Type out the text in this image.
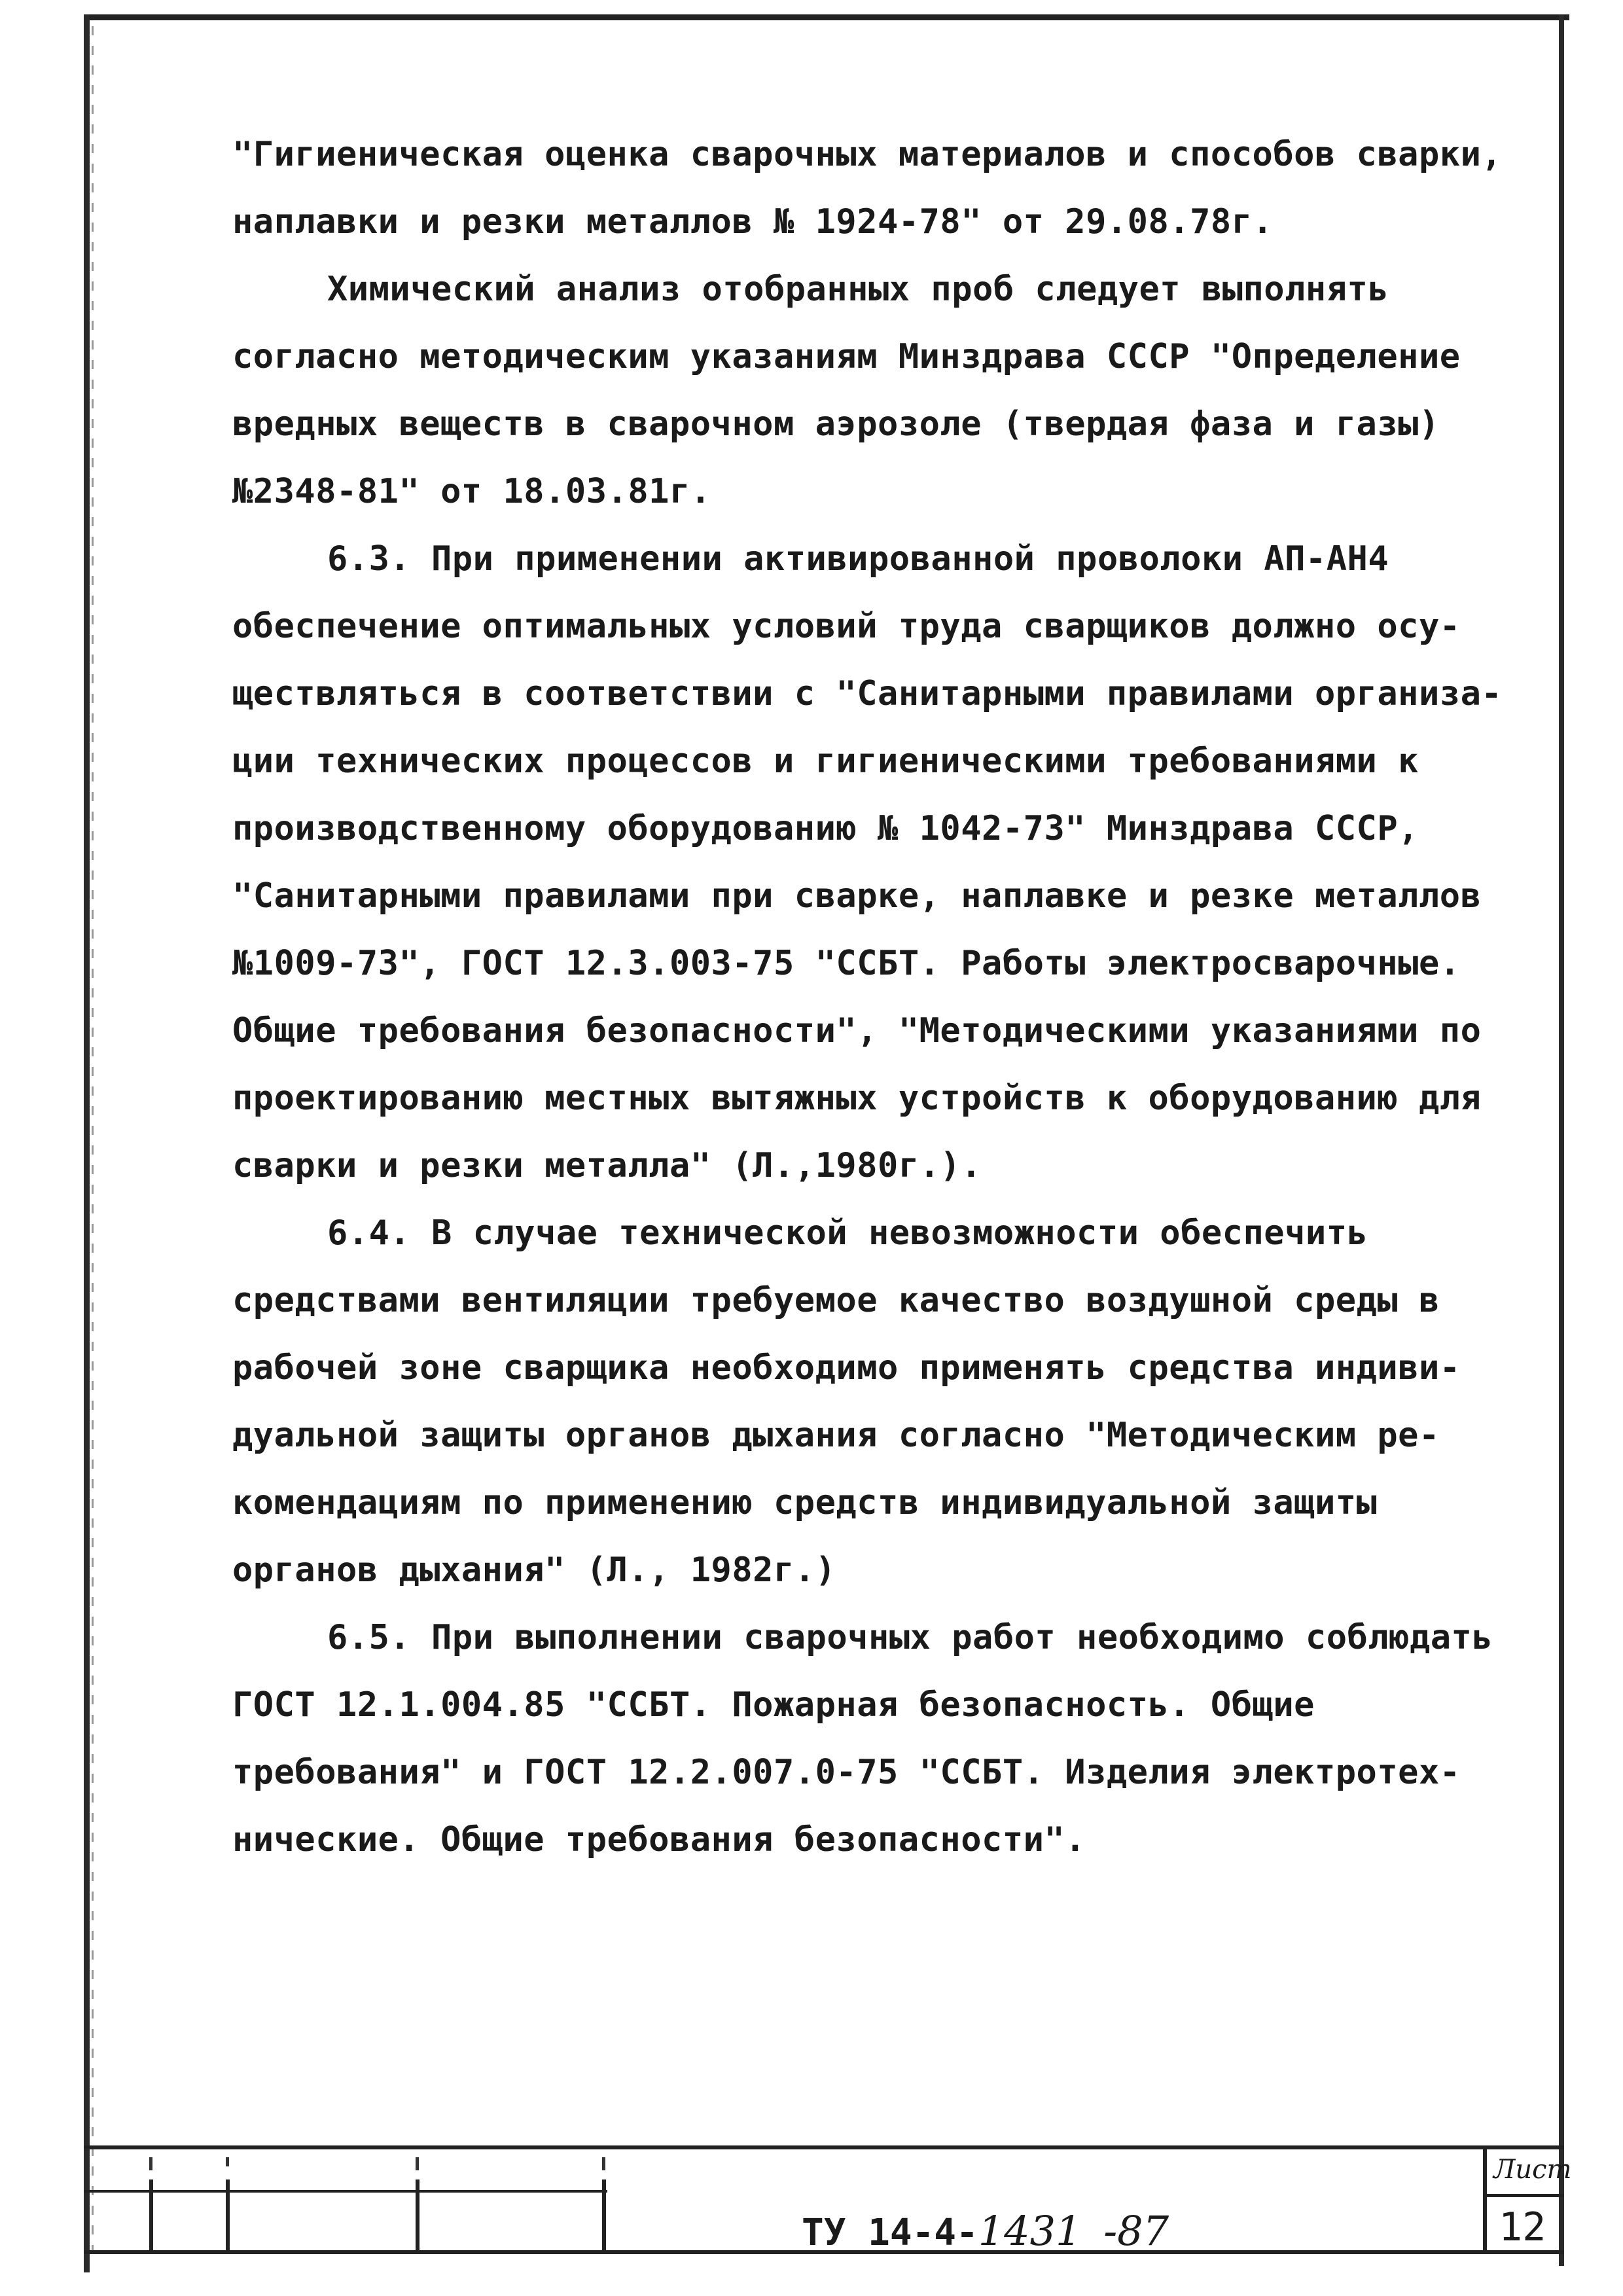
"Гигиеническая оценка сварочных материалов и способов сварки,
наплавки и резки металлов № 1924-78" от 29.08.78г.
Химический анализ отобранных проб следует выполнять
согласно методическим указаниям Минздрава СССР "Определение
вредных веществ в сварочном аэрозоле (твердая фаза и газы)
№2348-81" от 18.03.81г.
6.3. При применении активированной проволоки АП-АН4
обеспечение оптимальных условий труда сварщиков должно осу-
ществляться в соответствии с "Санитарными правилами организа-
ции технических процессов и гигиеническими требованиями к
производственному оборудованию № 1042-73" Минздрава СССР,
"Санитарными правилами при сварке, наплавке и резке металлов
№1009-73", ГОСТ 12.3.003-75 "ССБТ. Работы электросварочные.
Общие требования безопасности", "Методическими указаниями по
проектированию местных вытяжных устройств к оборудованию для
сварки и резки металла" (Л.,1980г.).
6.4. В случае технической невозможности обеспечить
средствами вентиляции требуемое качество воздушной среды в
рабочей зоне сварщика необходимо применять средства индиви-
дуальной защиты органов дыхания согласно "Методическим ре-
комендациям по применению средств индивидуальной защиты
органов дыхания" (Л., 1982г.)
6.5. При выполнении сварочных работ необходимо соблюдать
ГОСТ 12.1.004.85 "ССБТ. Пожарная безопасность. Общие
требования" и ГОСТ 12.2.007.0-75 "ССБТ. Изделия электротех-
нические. Общие требования безопасности".
ТУ 14-4-1431 -87
Лист
12
